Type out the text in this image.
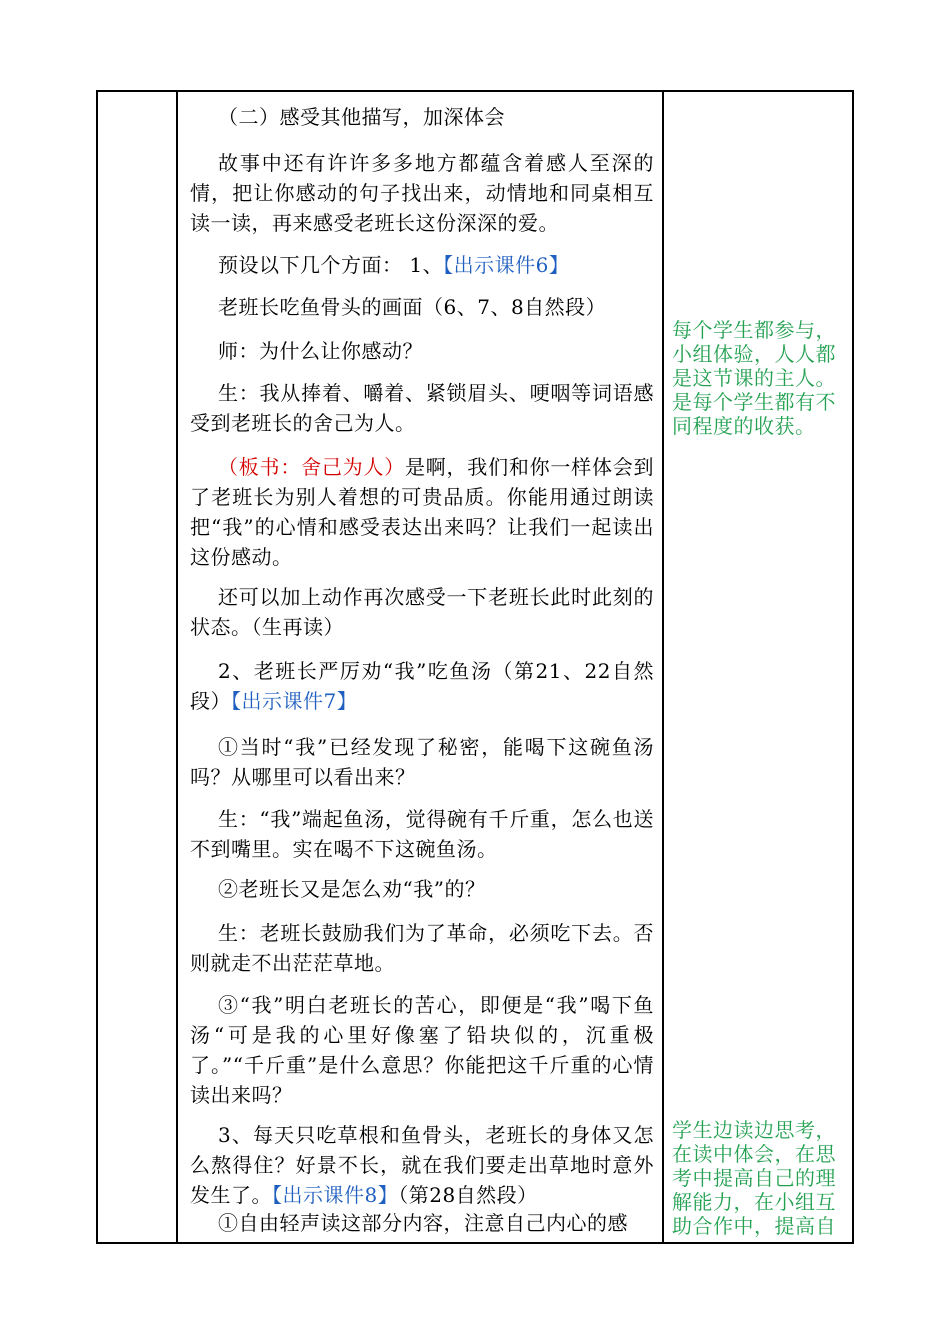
（二）感受其他描写，加深体会

故事中还有许许多多地方都蕴含着感人至深的情，把让你感动的句子找出来，动情地和同桌相互读一读，再来感受老班长这份深深的爱。

预设以下几个方面： 1、【出示课件6】

老班长吃鱼骨头的画面（6、7、8自然段）

师：为什么让你感动？

生：我从捧着、嚼着、紧锁眉头、哽咽等词语感受到老班长的舍己为人。

（板书：舍己为人）是啊，我们和你一样体会到了老班长为别人着想的可贵品质。你能用通过朗读把“我”的心情和感受表达出来吗？让我们一起读出这份感动。

还可以加上动作再次感受一下老班长此时此刻的状态。（生再读）

2、老班长严厉劝“我”吃鱼汤（第21、22自然段）【出示课件7】

①当时“我”已经发现了秘密，能喝下这碗鱼汤吗？从哪里可以看出来？

生：“我”端起鱼汤，觉得碗有千斤重，怎么也送不到嘴里。实在喝不下这碗鱼汤。

②老班长又是怎么劝“我”的？

生：老班长鼓励我们为了革命，必须吃下去。否则就走不出茫茫草地。

③“我”明白老班长的苦心，即便是“我”喝下鱼汤“可是我的心里好像塞了铅块似的，沉重极了。”“千斤重”是什么意思？你能把这千斤重的心情读出来吗？

3、每天只吃草根和鱼骨头，老班长的身体又怎么熬得住？好景不长，就在我们要走出草地时意外发生了。【出示课件8】（第28自然段）

①自由轻声读这部分内容，注意自己内心的感

每个学生都参与，小组体验，人人都是这节课的主人。
是每个学生都有不同程度的收获。
学生边读边思考，在读中体会，在思考中提高自己的理解能力，在小组互助合作中，提高自
